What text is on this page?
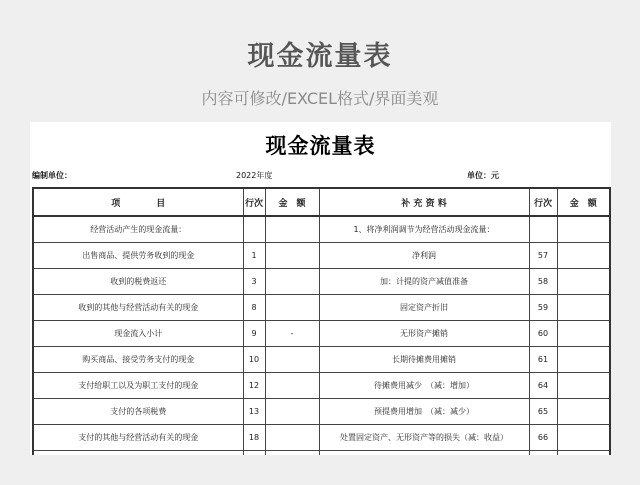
现金流量表
内容可修改/EXCEL格式/界面美观
现金流量表
编制单位：	2022年度	单位：元
项　　　　目	行次	金　额	补 充 资 料	行次	金　额
经营活动产生的现金流量：			1、将净利润调节为经营活动现金流量：		
出售商品、提供劳务收到的现金	1		净利润	57	
收到的税费返还	3		加：计提的资产减值准备	58	
收到的其他与经营活动有关的现金	8		固定资产折旧	59	
现金流入小计	9	-	无形资产摊销	60	
购买商品、接受劳务支付的现金	10		长期待摊费用摊销	61	
支付给职工以及为职工支付的现金	12		待摊费用减少　（减：增加）	64	
支付的各项税费	13		预提费用增加　（减：减少）	65	
支付的其他与经营活动有关的现金	18		处置固定资产、无形资产等的损失（减：收益）	66	
